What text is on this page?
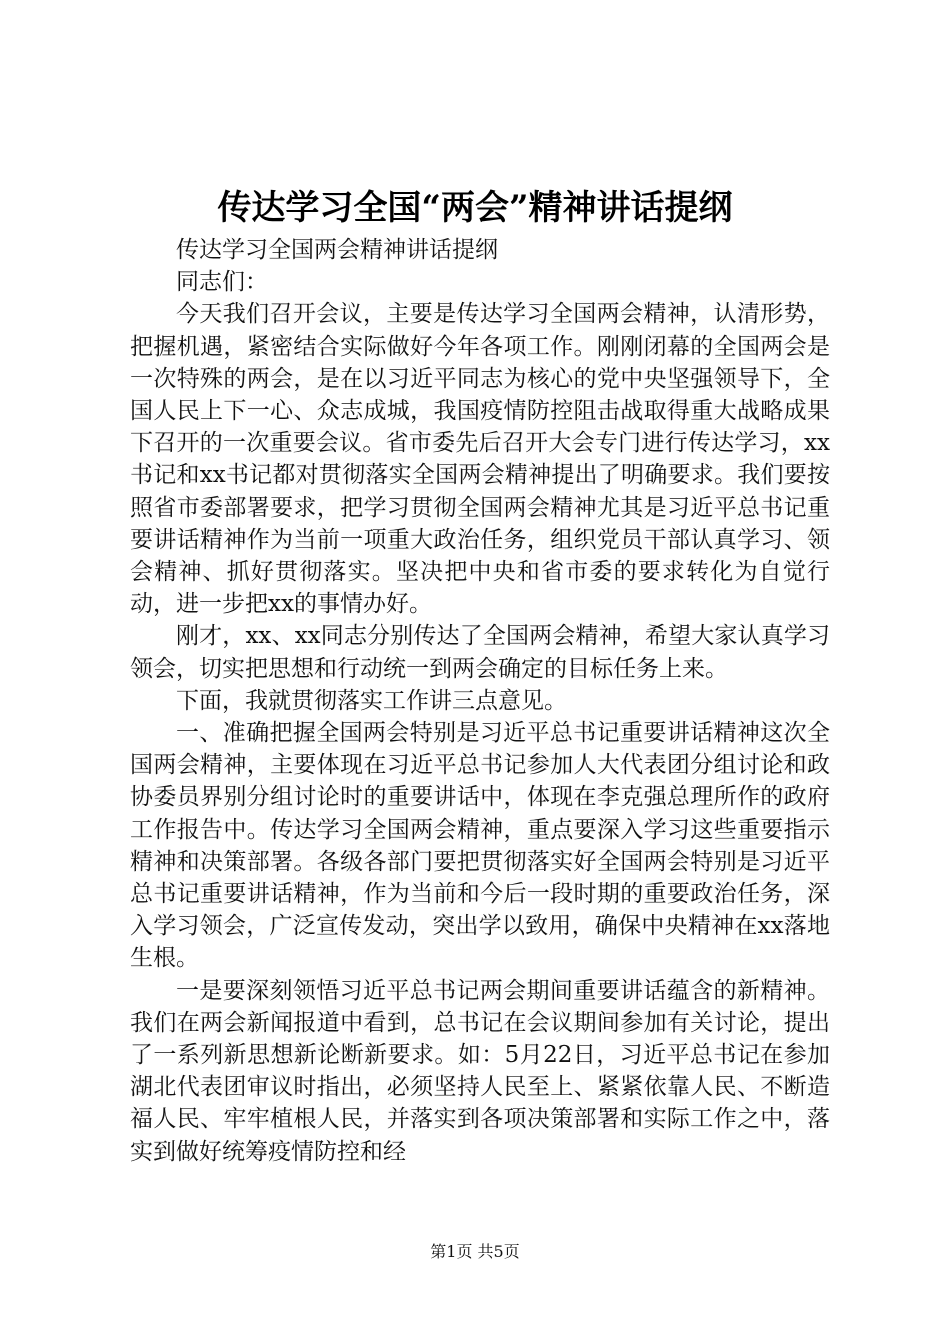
传达学习全国“两会”精神讲话提纲

传达学习全国两会精神讲话提纲

同志们：

今天我们召开会议，主要是传达学习全国两会精神，认清形势，把握机遇，紧密结合实际做好今年各项工作。刚刚闭幕的全国两会是一次特殊的两会，是在以习近平同志为核心的党中央坚强领导下，全国人民上下一心、众志成城，我国疫情防控阻击战取得重大战略成果下召开的一次重要会议。省市委先后召开大会专门进行传达学习，xx书记和xx书记都对贯彻落实全国两会精神提出了明确要求。我们要按照省市委部署要求，把学习贯彻全国两会精神尤其是习近平总书记重要讲话精神作为当前一项重大政治任务，组织党员干部认真学习、领会精神、抓好贯彻落实。坚决把中央和省市委的要求转化为自觉行动，进一步把xx的事情办好。

刚才，xx、xx同志分别传达了全国两会精神，希望大家认真学习领会，切实把思想和行动统一到两会确定的目标任务上来。

下面，我就贯彻落实工作讲三点意见。

一、准确把握全国两会特别是习近平总书记重要讲话精神这次全国两会精神，主要体现在习近平总书记参加人大代表团分组讨论和政协委员界别分组讨论时的重要讲话中，体现在李克强总理所作的政府工作报告中。传达学习全国两会精神，重点要深入学习这些重要指示精神和决策部署。各级各部门要把贯彻落实好全国两会特别是习近平总书记重要讲话精神，作为当前和今后一段时期的重要政治任务，深入学习领会，广泛宣传发动，突出学以致用，确保中央精神在xx落地生根。

一是要深刻领悟习近平总书记两会期间重要讲话蕴含的新精神。我们在两会新闻报道中看到，总书记在会议期间参加有关讨论，提出了一系列新思想新论断新要求。如：5月22日，习近平总书记在参加湖北代表团审议时指出，必须坚持人民至上、紧紧依靠人民、不断造福人民、牢牢植根人民，并落实到各项决策部署和实际工作之中，落实到做好统筹疫情防控和经

第1页 共5页
